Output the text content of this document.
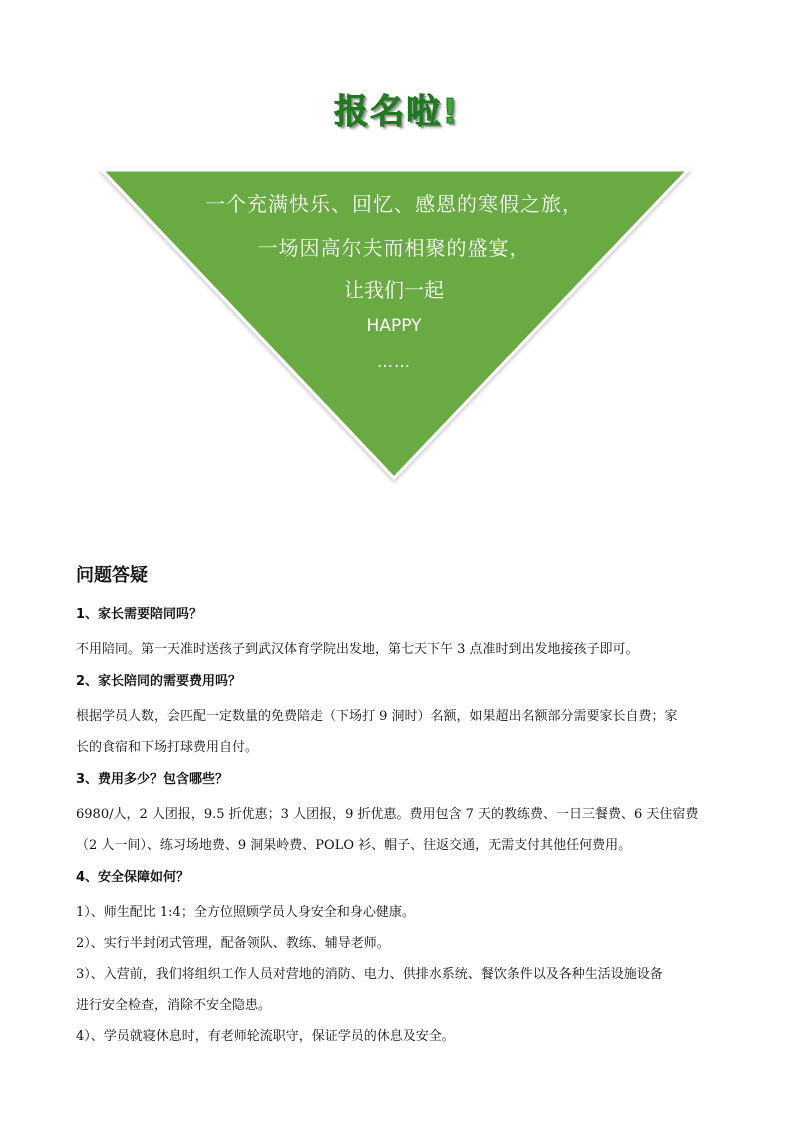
报名啦!

一个充满快乐、回忆、感恩的寒假之旅，

一场因高尔夫而相聚的盛宴，

让我们一起

HAPPY

……

问题答疑

1、家长需要陪同吗？

不用陪同。第一天准时送孩子到武汉体育学院出发地，第七天下午 3 点准时到出发地接孩子即可。

2、家长陪同的需要费用吗？

根据学员人数，会匹配一定数量的免费陪走（下场打 9 洞时）名额，如果超出名额部分需要家长自费；家

长的食宿和下场打球费用自付。

3、费用多少？包含哪些？

6980/人，2 人团报，9.5 折优惠；3 人团报，9 折优惠。费用包含 7 天的教练费、一日三餐费、6 天住宿费

（2 人一间）、练习场地费、9 洞果岭费、POLO 衫、帽子、往返交通，无需支付其他任何费用。

4、安全保障如何？

1）、师生配比 1:4；全方位照顾学员人身安全和身心健康。

2）、实行半封闭式管理，配备领队、教练、辅导老师。

3）、入营前，我们将组织工作人员对营地的消防、电力、供排水系统、餐饮条件以及各种生活设施设备

进行安全检查，消除不安全隐患。

4）、学员就寝休息时，有老师轮流职守，保证学员的休息及安全。
